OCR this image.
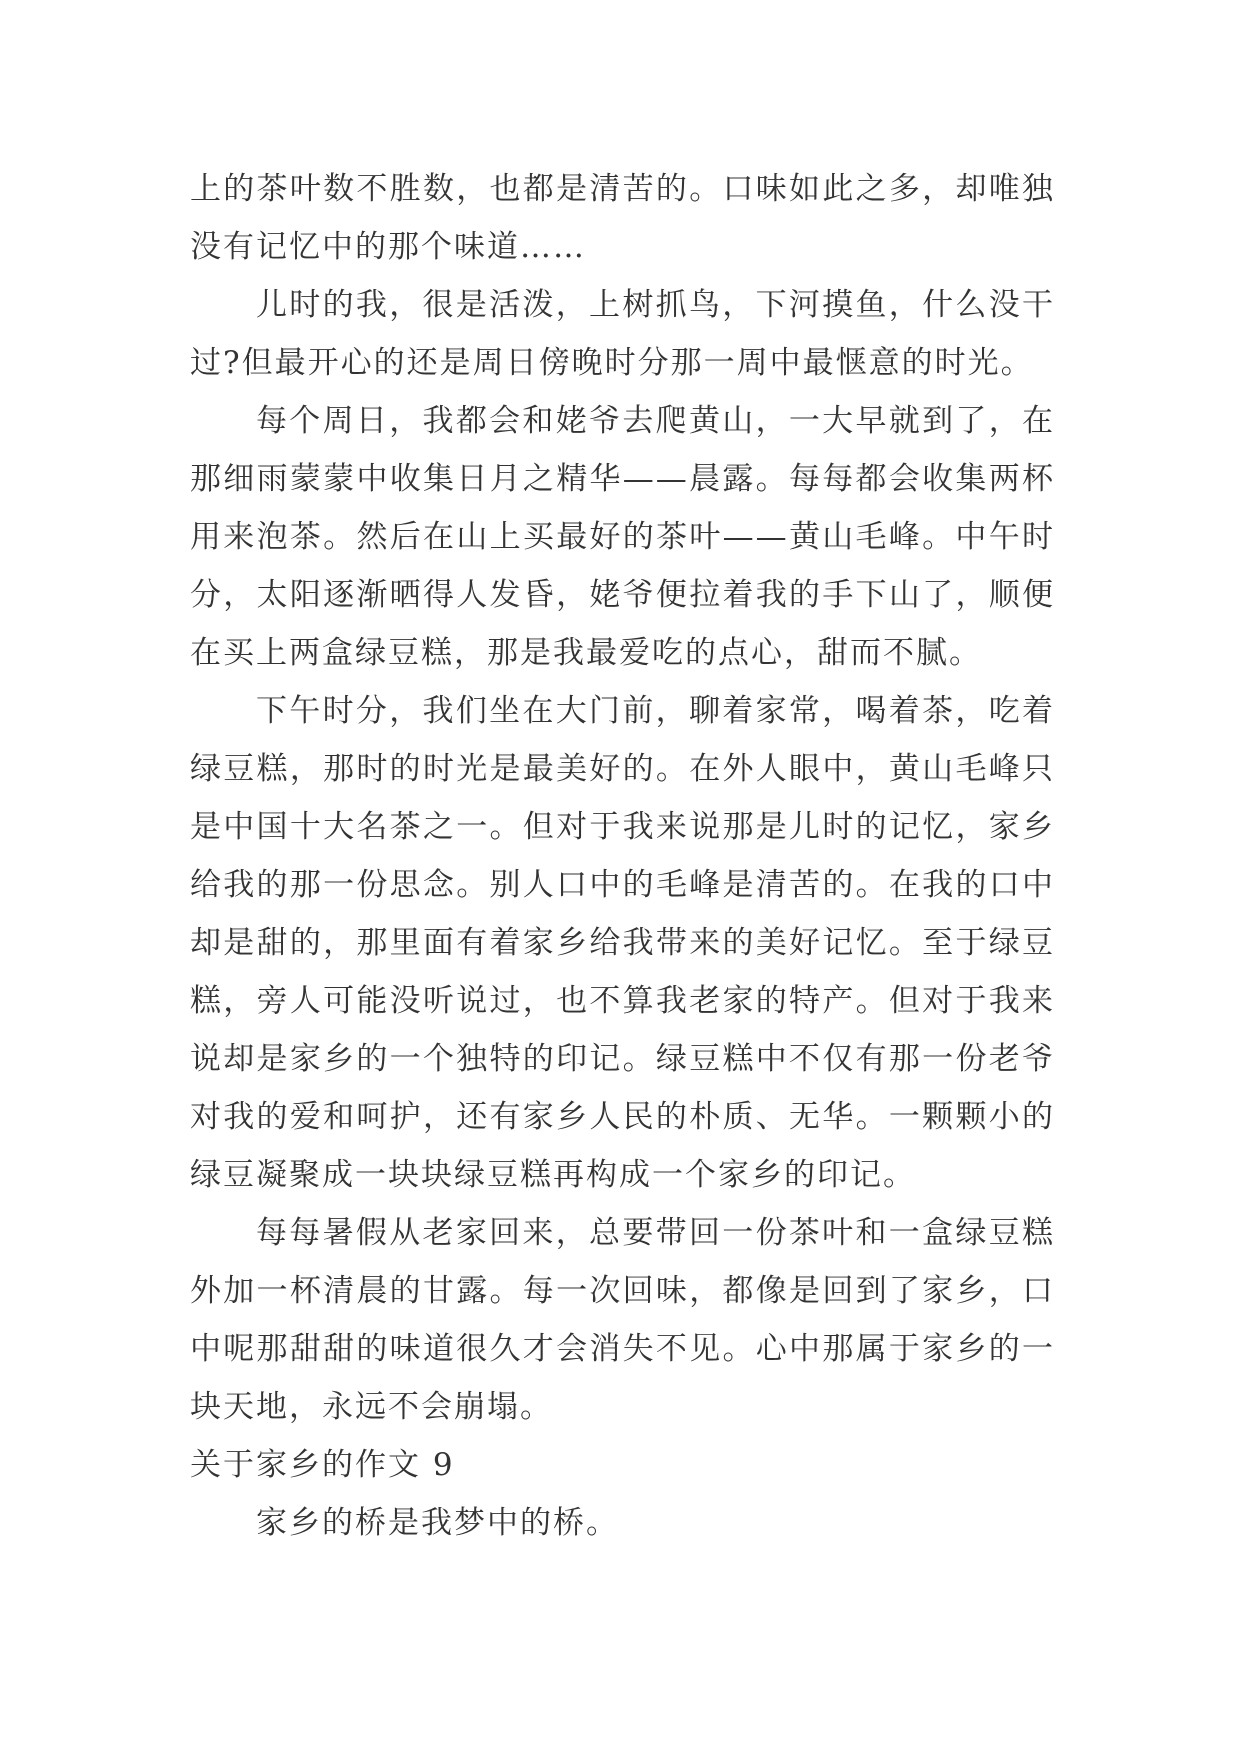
上的茶叶数不胜数，也都是清苦的。口味如此之多，却唯独
没有记忆中的那个味道……
儿时的我，很是活泼，上树抓鸟，下河摸鱼，什么没干
过?但最开心的还是周日傍晚时分那一周中最惬意的时光。
每个周日，我都会和姥爷去爬黄山，一大早就到了，在
那细雨蒙蒙中收集日月之精华——晨露。每每都会收集两杯
用来泡茶。然后在山上买最好的茶叶——黄山毛峰。中午时
分，太阳逐渐晒得人发昏，姥爷便拉着我的手下山了，顺便
在买上两盒绿豆糕，那是我最爱吃的点心，甜而不腻。
下午时分，我们坐在大门前，聊着家常，喝着茶，吃着
绿豆糕，那时的时光是最美好的。在外人眼中，黄山毛峰只
是中国十大名茶之一。但对于我来说那是儿时的记忆，家乡
给我的那一份思念。别人口中的毛峰是清苦的。在我的口中
却是甜的，那里面有着家乡给我带来的美好记忆。至于绿豆
糕，旁人可能没听说过，也不算我老家的特产。但对于我来
说却是家乡的一个独特的印记。绿豆糕中不仅有那一份老爷
对我的爱和呵护，还有家乡人民的朴质、无华。一颗颗小的
绿豆凝聚成一块块绿豆糕再构成一个家乡的印记。
每每暑假从老家回来，总要带回一份茶叶和一盒绿豆糕
外加一杯清晨的甘露。每一次回味，都像是回到了家乡，口
中呢那甜甜的味道很久才会消失不见。心中那属于家乡的一
块天地，永远不会崩塌。
关于家乡的作文 9
家乡的桥是我梦中的桥。
